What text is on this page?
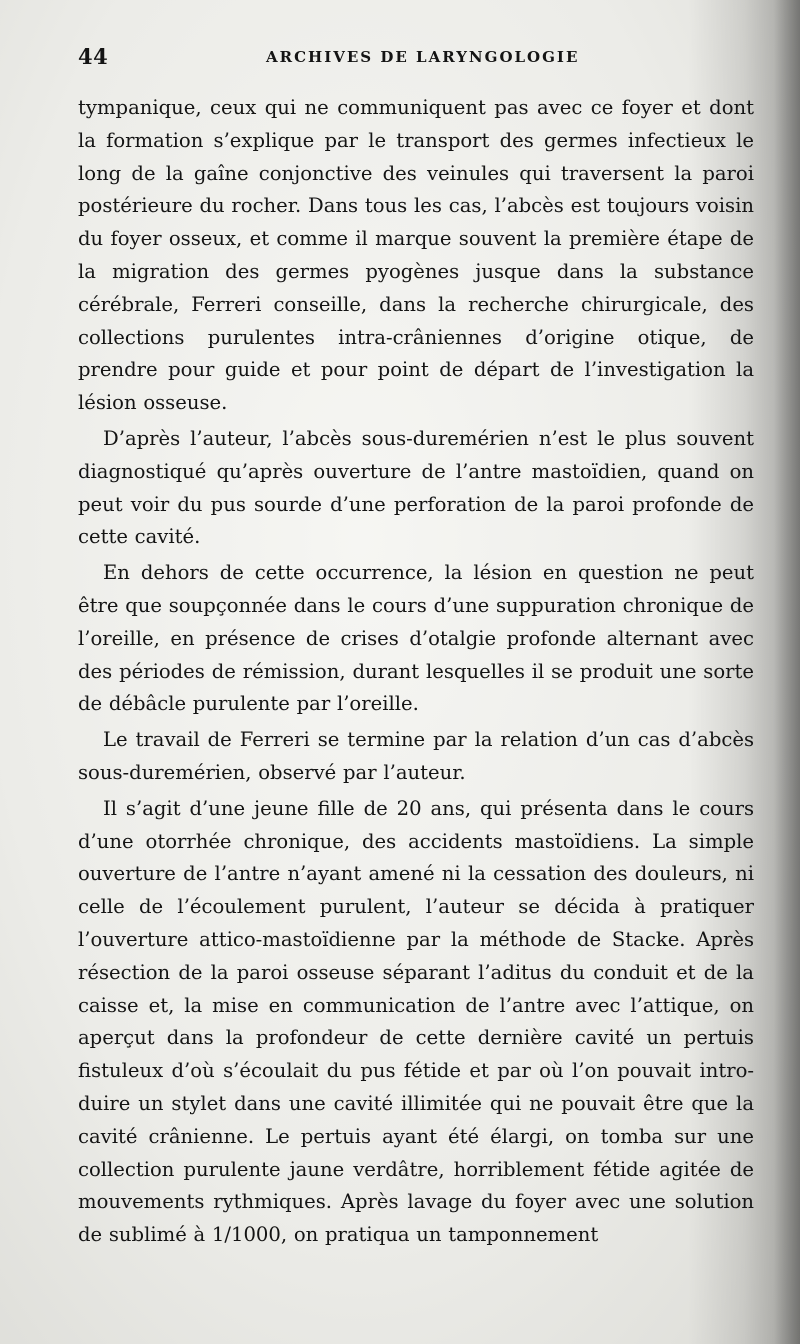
44	ARCHIVES DE LARYNGOLOGIE

tympanique, ceux qui ne communiquent pas avec ce foyer et dont la formation s’explique par le transport des germes infectieux le long de la gaîne conjonctive des veinules qui traversent la paroi postérieure du rocher. Dans tous les cas, l’abcès est toujours voisin du foyer osseux, et comme il marque souvent la première étape de la migration des germes pyogènes jusque dans la substance cérébrale, Ferreri conseille, dans la recherche chirurgicale, des collections purulentes intra-crâniennes d’origine otique, de prendre pour guide et pour point de départ de l’investigation la lésion osseuse.

D’après l’auteur, l’abcès sous-duremérien n’est le plus souvent diagnostiqué qu’après ouverture de l’antre mastoïdien, quand on peut voir du pus sourde d’une perforation de la paroi profonde de cette cavité.

En dehors de cette occurrence, la lésion en question ne peut être que soupçonnée dans le cours d’une suppuration chronique de l’oreille, en présence de crises d’otalgie profonde alternant avec des périodes de rémission, durant lesquelles il se produit une sorte de débâcle purulente par l’oreille.

Le travail de Ferreri se termine par la relation d’un cas d’abcès sous-duremérien, observé par l’auteur.

Il s’agit d’une jeune fille de 20 ans, qui présenta dans le cours d’une otorrhée chronique, des accidents mastoïdiens. La simple ouverture de l’antre n’ayant amené ni la cessation des douleurs, ni celle de l’écoulement purulent, l’auteur se décida à pratiquer l’ouverture attico-mastoïdienne par la méthode de Stacke. Après résection de la paroi osseuse séparant l’aditus du conduit et de la caisse et, la mise en communication de l’antre avec l’attique, on aperçut dans la profondeur de cette dernière cavité un pertuis fistuleux d’où s’écoulait du pus fétide et par où l’on pouvait introduire un stylet dans une cavité illimitée qui ne pouvait être que la cavité crânienne. Le pertuis ayant été élargi, on tomba sur une collection purulente jaune verdâtre, horriblement fétide agitée de mouvements rythmiques. Après lavage du foyer avec une solution de sublimé à 1/1000, on pratiqua un tamponnement
